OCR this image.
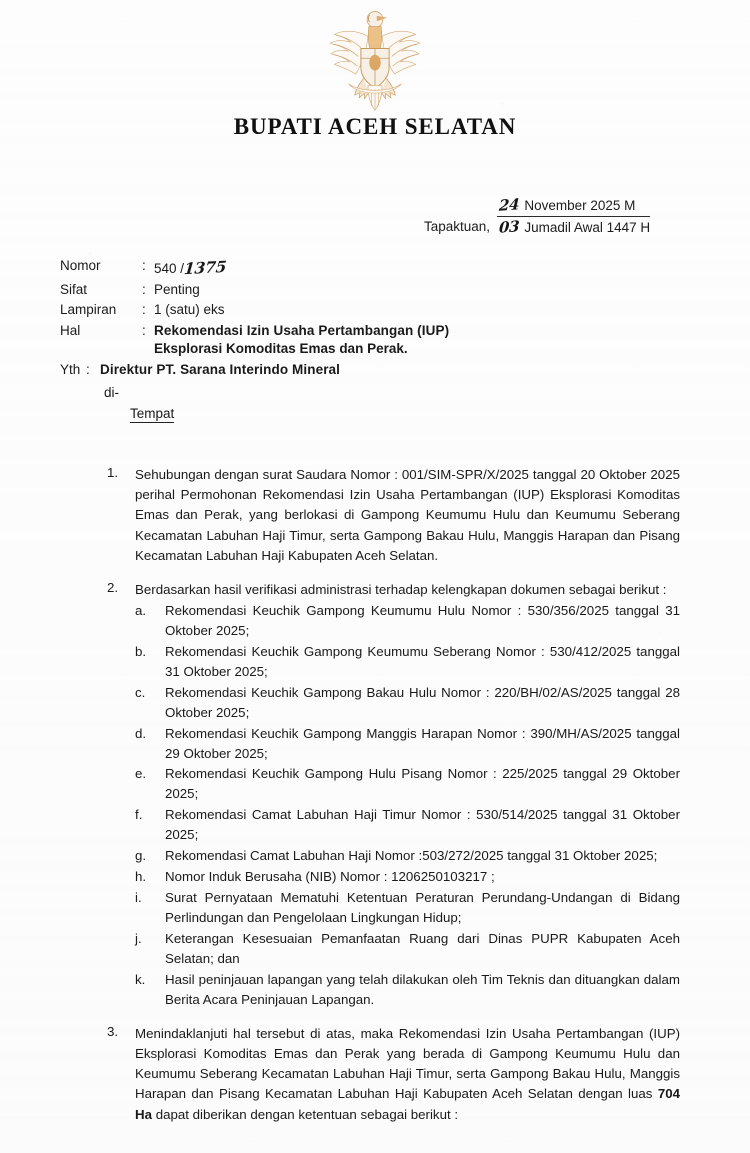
BUPATI ACEH SELATAN
Tapaktuan,
24 November 2025 M
03 Jumadil Awal 1447 H
Nomor	: 540 /1375
Sifat	: Penting
Lampiran	: 1 (satu) eks
Hal	: Rekomendasi Izin Usaha Pertambangan (IUP)
Eksplorasi Komoditas Emas dan Perak.
Yth : Direktur PT. Sarana Interindo Mineral
di-
Tempat
1.	Sehubungan dengan surat Saudara Nomor : 001/SIM-SPR/X/2025 tanggal 20 Oktober 2025 perihal Permohonan Rekomendasi Izin Usaha Pertambangan (IUP) Eksplorasi Komoditas Emas dan Perak, yang berlokasi di Gampong Keumumu Hulu dan Keumumu Seberang Kecamatan Labuhan Haji Timur, serta Gampong Bakau Hulu, Manggis Harapan dan Pisang Kecamatan Labuhan Haji Kabupaten Aceh Selatan.
2.	Berdasarkan hasil verifikasi administrasi terhadap kelengkapan dokumen sebagai berikut :
a.	Rekomendasi Keuchik Gampong Keumumu Hulu Nomor : 530/356/2025 tanggal 31 Oktober 2025;
b.	Rekomendasi Keuchik Gampong Keumumu Seberang Nomor : 530/412/2025 tanggal 31 Oktober 2025;
c.	Rekomendasi Keuchik Gampong Bakau Hulu Nomor : 220/BH/02/AS/2025 tanggal 28 Oktober 2025;
d.	Rekomendasi Keuchik Gampong Manggis Harapan Nomor : 390/MH/AS/2025 tanggal 29 Oktober 2025;
e.	Rekomendasi Keuchik Gampong Hulu Pisang Nomor : 225/2025 tanggal 29 Oktober 2025;
f.	Rekomendasi Camat Labuhan Haji Timur Nomor : 530/514/2025 tanggal 31 Oktober 2025;
g.	Rekomendasi Camat Labuhan Haji Nomor :503/272/2025 tanggal 31 Oktober 2025;
h.	Nomor Induk Berusaha (NIB) Nomor : 1206250103217 ;
i.	Surat Pernyataan Mematuhi Ketentuan Peraturan Perundang-Undangan di Bidang Perlindungan dan Pengelolaan Lingkungan Hidup;
j.	Keterangan Kesesuaian Pemanfaatan Ruang dari Dinas PUPR Kabupaten Aceh Selatan; dan
k.	Hasil peninjauan lapangan yang telah dilakukan oleh Tim Teknis dan dituangkan dalam Berita Acara Peninjauan Lapangan.
3.	Menindaklanjuti hal tersebut di atas, maka Rekomendasi Izin Usaha Pertambangan (IUP) Eksplorasi Komoditas Emas dan Perak yang berada di Gampong Keumumu Hulu dan Keumumu Seberang Kecamatan Labuhan Haji Timur, serta Gampong Bakau Hulu, Manggis Harapan dan Pisang Kecamatan Labuhan Haji Kabupaten Aceh Selatan dengan luas 704 Ha dapat diberikan dengan ketentuan sebagai berikut :
